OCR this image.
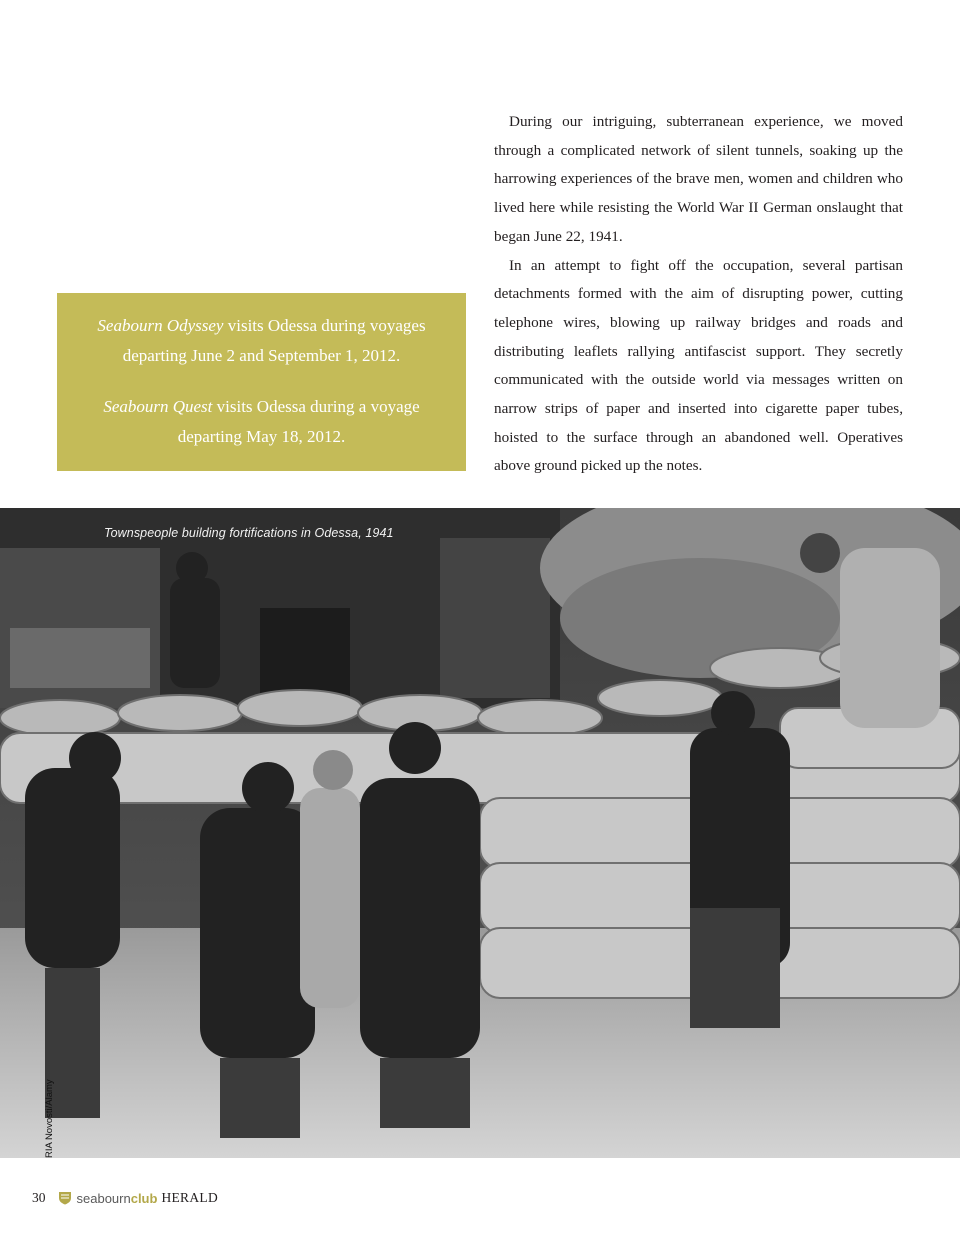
During our intriguing, subterranean experience, we moved through a complicated network of silent tunnels, soaking up the harrowing experiences of the brave men, women and children who lived here while resisting the World War II German onslaught that began June 22, 1941.

In an attempt to fight off the occupation, several partisan detachments formed with the aim of disrupting power, cutting telephone wires, blowing up railway bridges and roads and distributing leaflets rallying antifascist support. They secretly communicated with the outside world via messages written on narrow strips of paper and inserted into cigarette paper tubes, hoisted to the surface through an abandoned well. Operatives above ground picked up the notes.

Seabourn Odyssey visits Odessa during voyages departing June 2 and September 1, 2012.

Seabourn Quest visits Odessa during a voyage departing May 18, 2012.

Townspeople building fortifications in Odessa, 1941
RIA Novosti/Alamy
30 seabourn club HERALD
